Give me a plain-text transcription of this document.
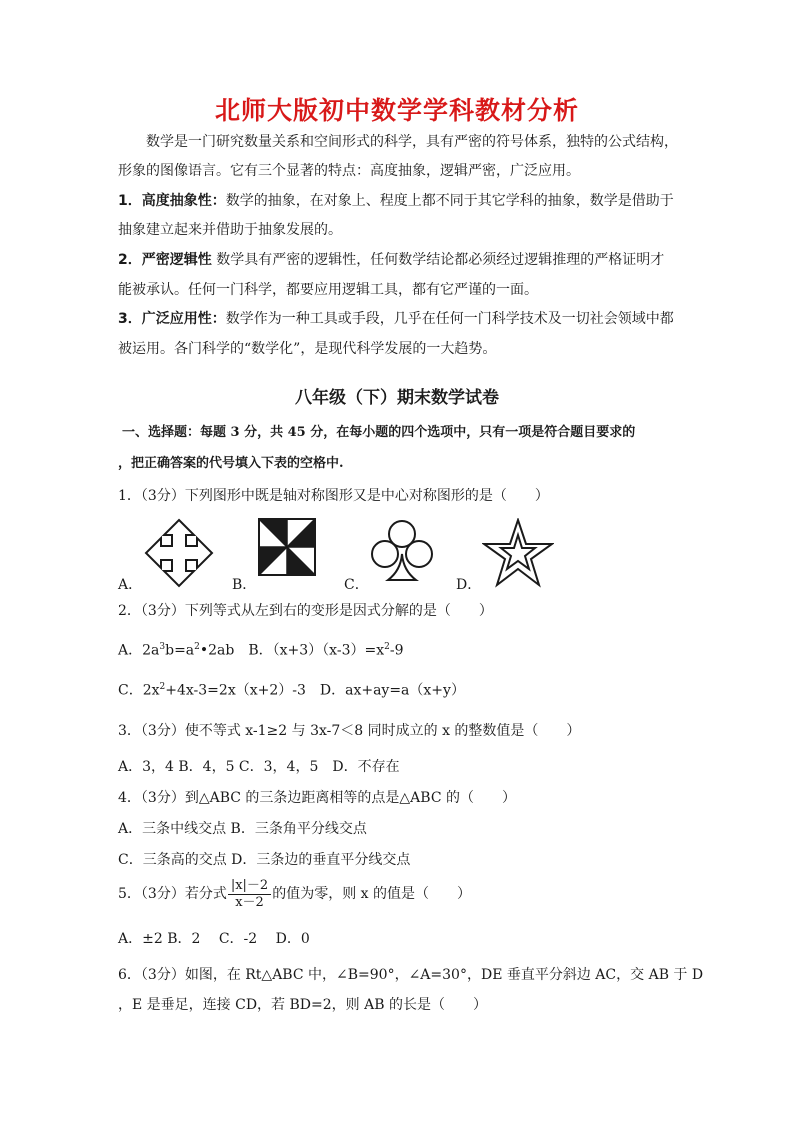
北师大版初中数学学科教材分析
数学是一门研究数量关系和空间形式的科学，具有严密的符号体系，独特的公式结构，
形象的图像语言。它有三个显著的特点：高度抽象，逻辑严密，广泛应用。
1．高度抽象性：数学的抽象，在对象上、程度上都不同于其它学科的抽象，数学是借助于
抽象建立起来并借助于抽象发展的。
2．严密逻辑性 数学具有严密的逻辑性，任何数学结论都必须经过逻辑推理的严格证明才
能被承认。任何一门科学，都要应用逻辑工具，都有它严谨的一面。
3．广泛应用性：数学作为一种工具或手段，几乎在任何一门科学技术及一切社会领域中都
被运用。各门科学的“数学化”，是现代科学发展的一大趋势。
八年级（下）期末数学试卷
一、选择题：每题 3 分，共 45 分，在每小题的四个选项中，只有一项是符合题目要求的
，把正确答案的代号填入下表的空格中.
1．（3分）下列图形中既是轴对称图形又是中心对称图形的是（　　）
A．	B．	C．	D．
2．（3分）下列等式从左到右的变形是因式分解的是（　　）
A．$2a^3b=a^2•2ab$　B．$(x+3)(x-3)=x^2-9$
C．$2x^2+4x-3=2x(x+2)-3$　D．ax+ay=a（x+y）
3．（3分）使不等式 x-1≥2 与 3x-7＜8 同时成立的 x 的整数值是（　　）
A．3，4 B．4，5 C．3，4，5　D．不存在
4．（3分）到△ABC 的三条边距离相等的点是△ABC 的（　　）
A．三条中线交点 B．三条角平分线交点
C．三条高的交点 D．三条边的垂直平分线交点
5．（3分）若分式 $\frac{|x|-2}{x-2}$ 的值为零，则 x 的值是（　　）
A．±2 B．2　 C．-2　 D．0
6．（3分）如图，在 Rt△ABC 中，∠B=90°，∠A=30°，DE 垂直平分斜边 AC，交 AB 于 D
，E 是垂足，连接 CD，若 BD=2，则 AB 的长是（　　）
